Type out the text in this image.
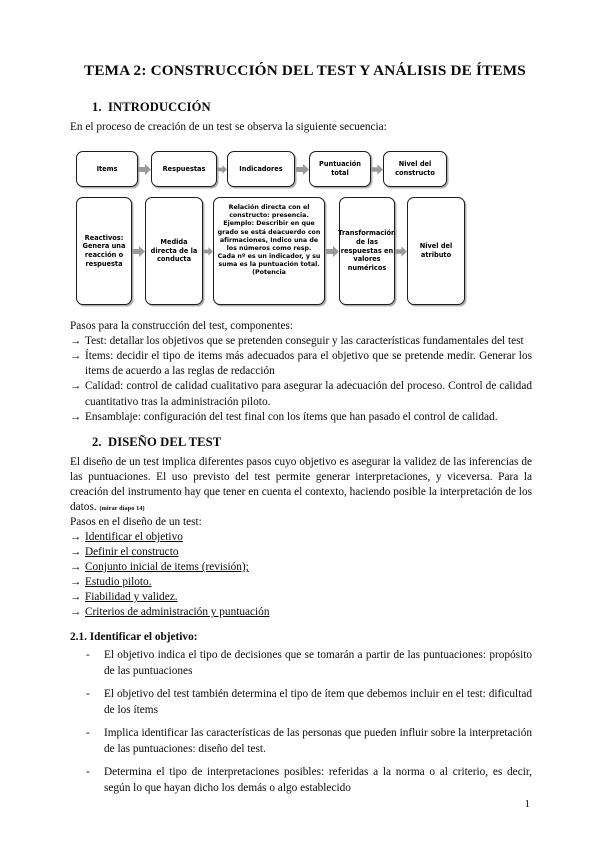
TEMA 2: CONSTRUCCIÓN DEL TEST Y ANÁLISIS DE ÍTEMS
1. INTRODUCCIÓN

En el proceso de creación de un test se observa la siguiente secuencia:

Items	Respuestas	Indicadores
Puntuación total
Nivel del constructo
Reactivos: Genera una reacción o respuesta
Medida directa de la conducta
Relación directa con el constructo: presencia. Ejemplo: Describir en que grado se está deacuerdo con afirmaciones, Indico una de los números como resp. Cada nº es un indicador, y su suma es la puntuación total. (Potencia
Transformación de las respuestas en valores numéricos
Nivel del atributo

Pasos para la construcción del test, componentes:

→ Test: detallar los objetivos que se pretenden conseguir y las características fundamentales del test
→ Ítems: decidir el tipo de items más adecuados para el objetivo que se pretende medir. Generar los items de acuerdo a las reglas de redacción
→ Calidad: control de calidad cualitativo para asegurar la adecuación del proceso. Control de calidad cuantitativo tras la administración piloto.
→ Ensamblaje: configuración del test final con los ítems que han pasado el control de calidad.
2. DISEÑO DEL TEST

El diseño de un test implica diferentes pasos cuyo objetivo es asegurar la validez de las inferencias de las puntuaciones. El uso previsto del test permite generar interpretaciones, y viceversa. Para la creación del instrumento hay que tener en cuenta el contexto, haciendo posible la interpretación de los datos. (mirar diapo 14)

Pasos en el diseño de un test:

→ Identificar el objetivo
→ Definir el constructo
→ Conjunto inicial de items (revisión);
→ Estudio piloto.
→ Fiabilidad y validez.
→ Criterios de administración y puntuación
2.1. Identificar el objetivo:
- El objetivo indica el tipo de decisiones que se tomarán a partir de las puntuaciones: propósito de las puntuaciones
- El objetivo del test también determina el tipo de ítem que debemos incluir en el test: dificultad de los ítems
- Implica identificar las características de las personas que pueden influir sobre la interpretación de las puntuaciones: diseño del test.
- Determina el tipo de interpretaciones posibles: referidas a la norma o al criterio, es decir, según lo que hayan dicho los demás o algo establecido
1
